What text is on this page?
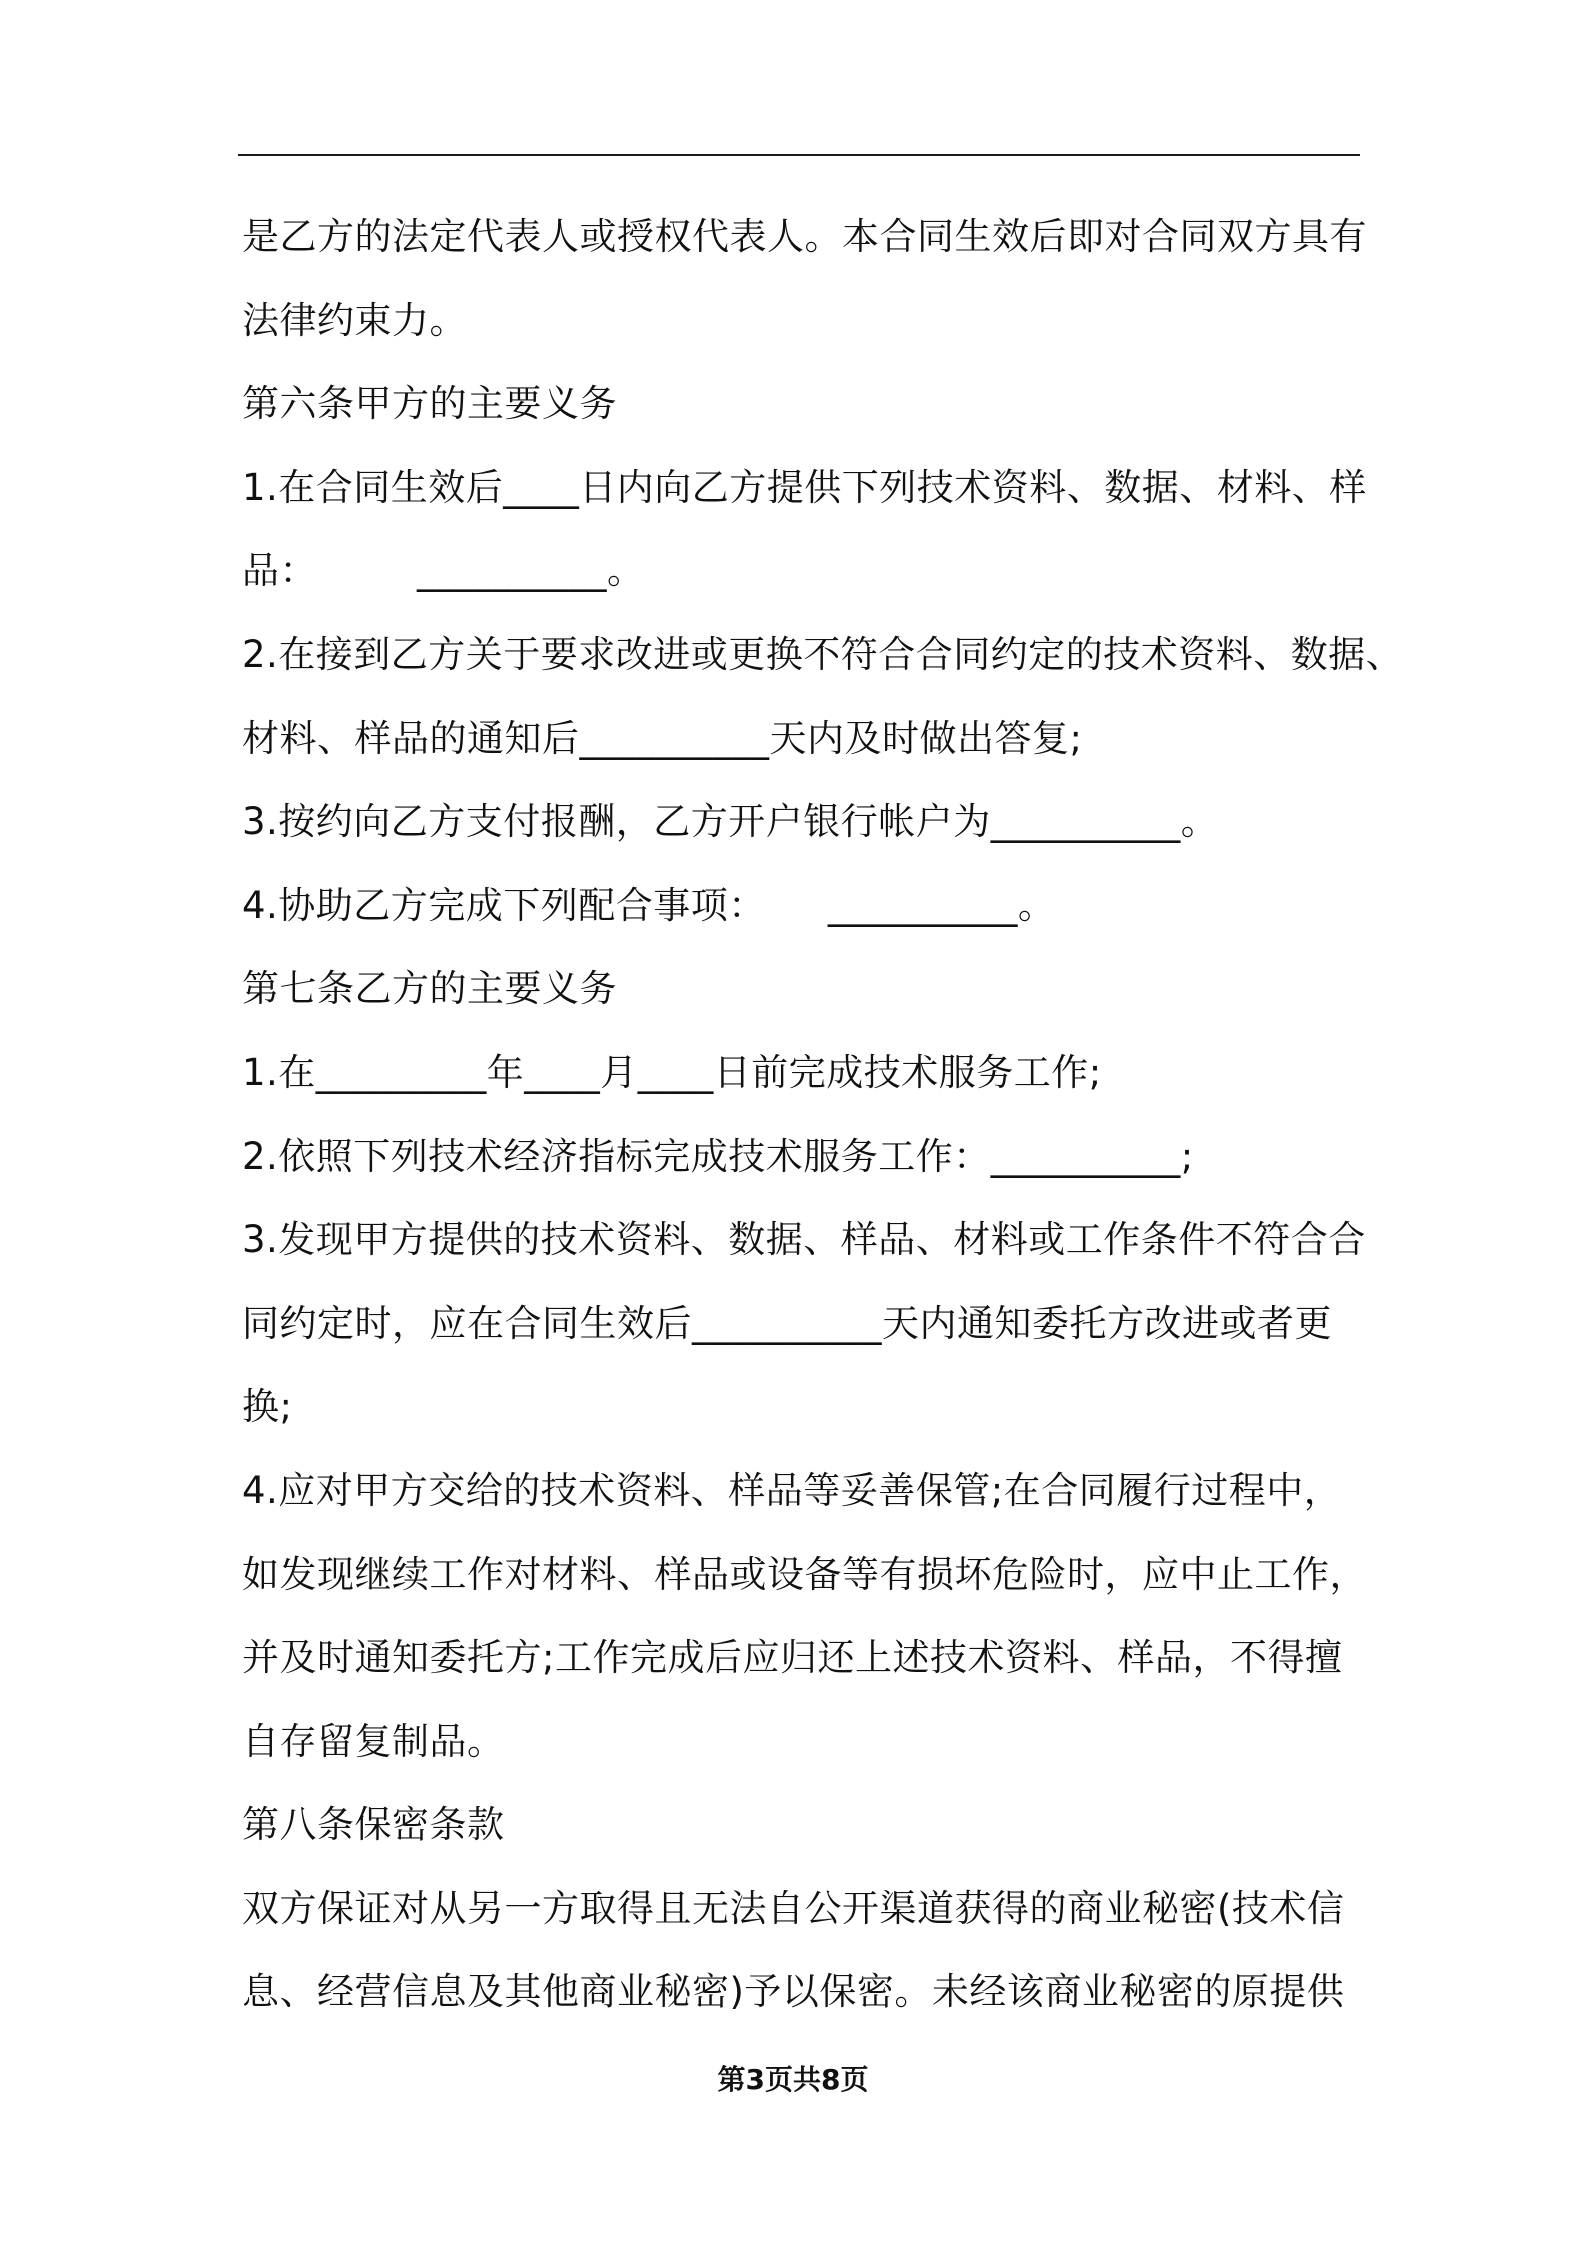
是乙方的法定代表人或授权代表人。本合同生效后即对合同双方具有
法律约束力。
第六条甲方的主要义务
1.在合同生效后____日内向乙方提供下列技术资料、数据、材料、样
品：	__________。
2.在接到乙方关于要求改进或更换不符合合同约定的技术资料、数据、
材料、样品的通知后__________天内及时做出答复;
3.按约向乙方支付报酬，乙方开户银行帐户为__________。
4.协助乙方完成下列配合事项： __________。
第七条乙方的主要义务
1.在_________年____月____日前完成技术服务工作;
2.依照下列技术经济指标完成技术服务工作：__________;
3.发现甲方提供的技术资料、数据、样品、材料或工作条件不符合合
同约定时，应在合同生效后__________天内通知委托方改进或者更
换;
4.应对甲方交给的技术资料、样品等妥善保管;在合同履行过程中，
如发现继续工作对材料、样品或设备等有损坏危险时，应中止工作，
并及时通知委托方;工作完成后应归还上述技术资料、样品，不得擅
自存留复制品。
第八条保密条款
双方保证对从另一方取得且无法自公开渠道获得的商业秘密(技术信
息、经营信息及其他商业秘密)予以保密。未经该商业秘密的原提供
第3页共8页
